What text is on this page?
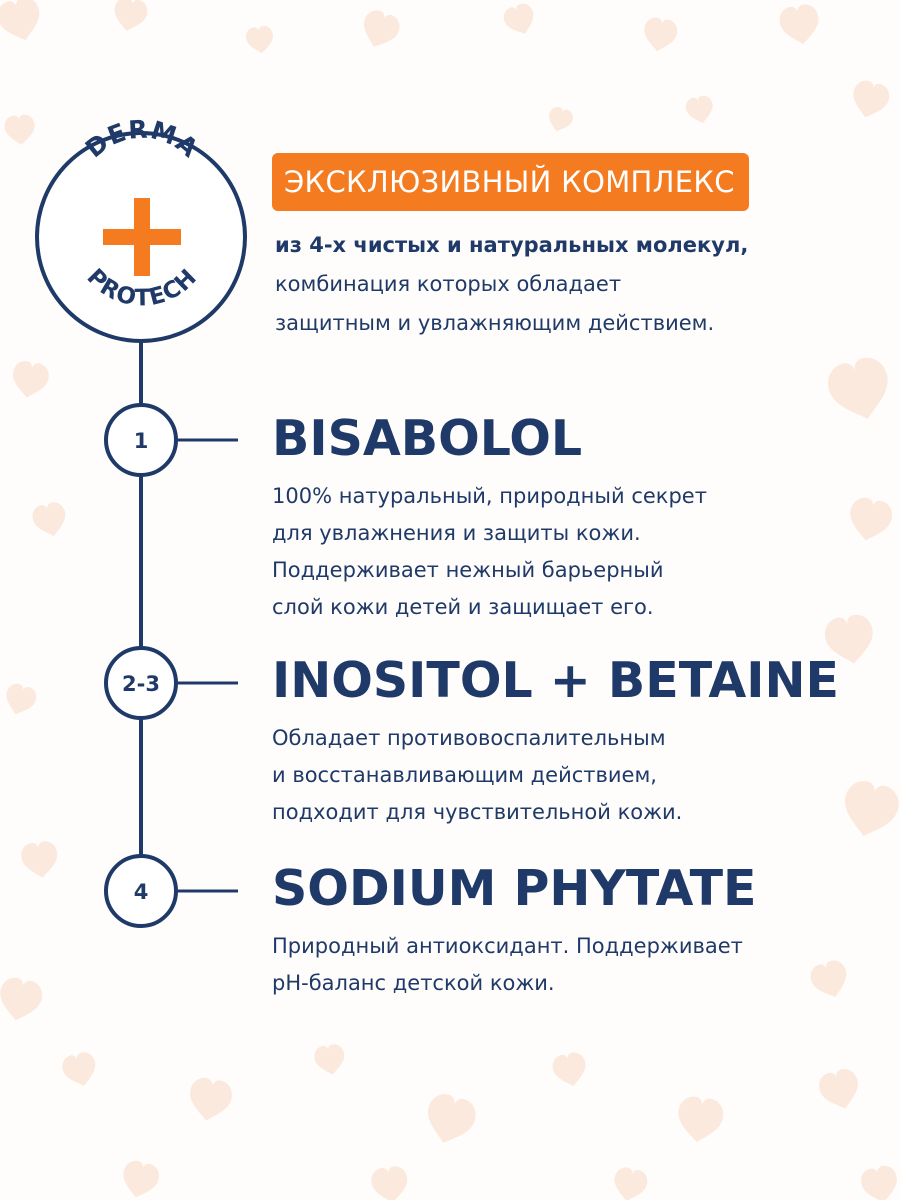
DERMA
PROTECH
1
2-3
4
ЭКСКЛЮЗИВНЫЙ КОМПЛЕКС

из 4-х чистых и натуральных молекул,

комбинация которых обладает

защитным и увлажняющим действием.

BISABOLOL
100% натуральный, природный секрет
для увлажнения и защиты кожи.
Поддерживает нежный барьерный
слой кожи детей и защищает его.
INOSITOL + BETAINE
Обладает противовоспалительным
и восстанавливающим действием,
подходит для чувствительной кожи.
SODIUM PHYTATE
Природный антиоксидант. Поддерживает
pH-баланс детской кожи.
